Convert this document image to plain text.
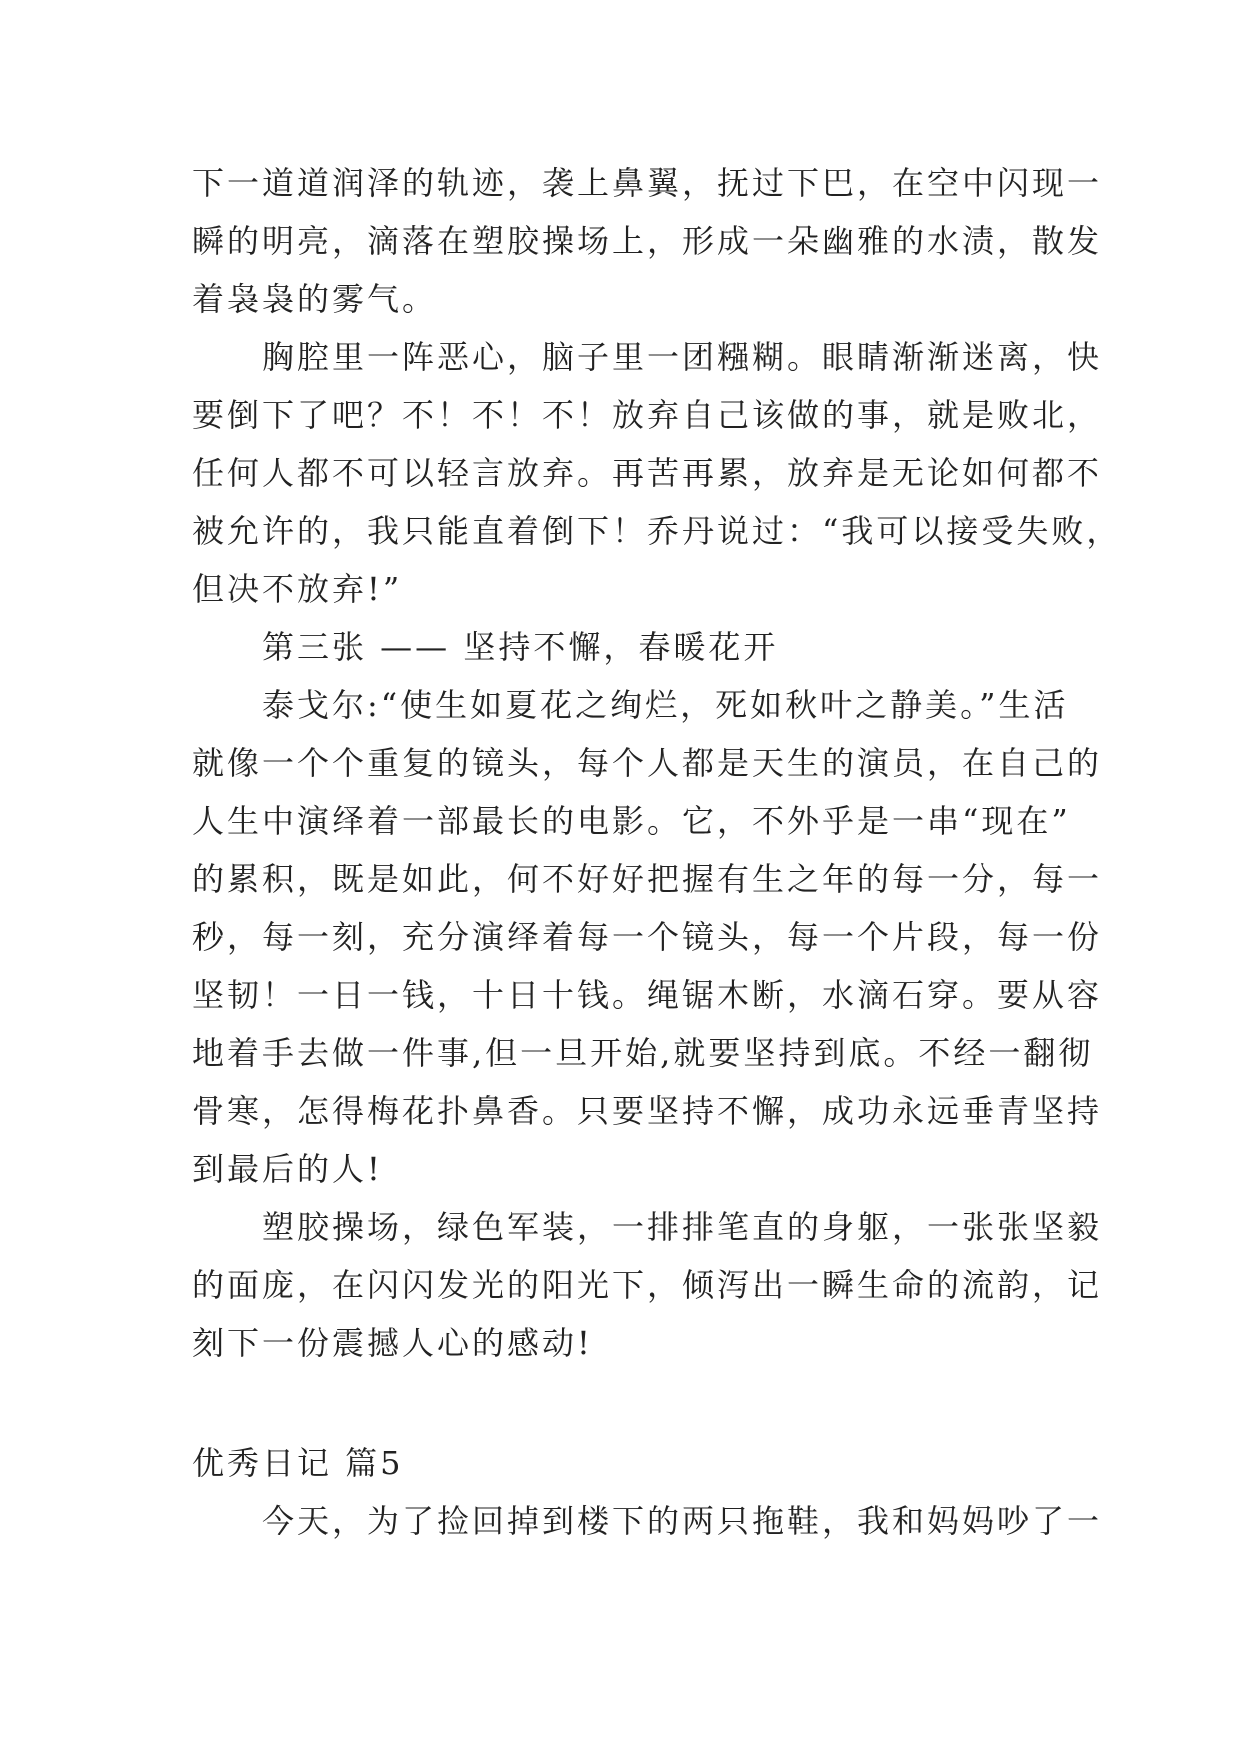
下一道道润泽的轨迹，袭上鼻翼，抚过下巴，在空中闪现一
瞬的明亮，滴落在塑胶操场上，形成一朵幽雅的水渍，散发
着袅袅的雾气。
胸腔里一阵恶心，脑子里一团糨糊。眼睛渐渐迷离，快
要倒下了吧？不！不！不！放弃自己该做的事，就是败北，
任何人都不可以轻言放弃。再苦再累，放弃是无论如何都不
被允许的，我只能直着倒下！乔丹说过：“我可以接受失败，
但决不放弃!”
第三张 —— 坚持不懈，春暖花开
泰戈尔:“使生如夏花之绚烂，死如秋叶之静美。”生活
就像一个个重复的镜头，每个人都是天生的演员，在自己的
人生中演绎着一部最长的电影。它，不外乎是一串“现在”
的累积，既是如此，何不好好把握有生之年的每一分，每一
秒，每一刻，充分演绎着每一个镜头，每一个片段，每一份
坚韧！一日一钱，十日十钱。绳锯木断，水滴石穿。要从容
地着手去做一件事,但一旦开始,就要坚持到底。不经一翻彻
骨寒，怎得梅花扑鼻香。只要坚持不懈，成功永远垂青坚持
到最后的人!
塑胶操场，绿色军装，一排排笔直的身躯，一张张坚毅
的面庞，在闪闪发光的阳光下，倾泻出一瞬生命的流韵，记
刻下一份震撼人心的感动!
优秀日记 篇5
今天，为了捡回掉到楼下的两只拖鞋，我和妈妈吵了一
